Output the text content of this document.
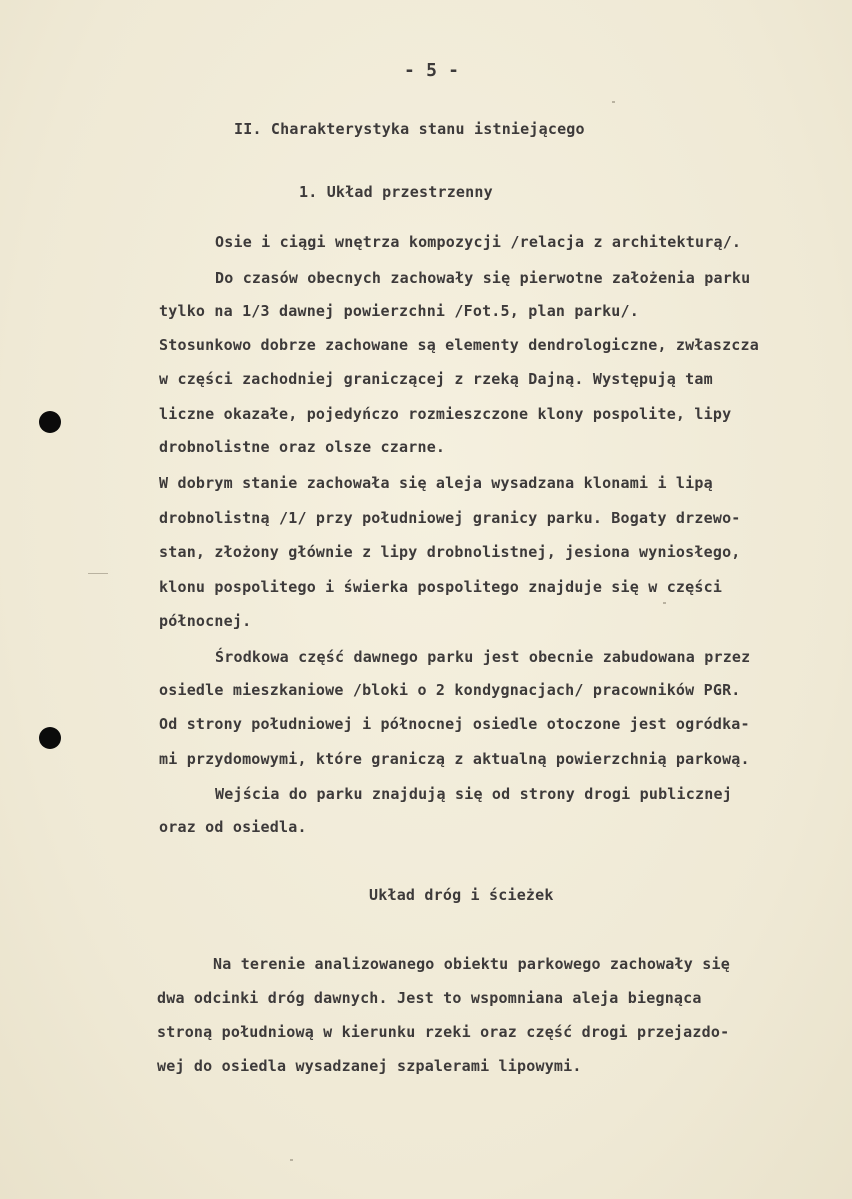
- 5 -
II. Charakterystyka stanu istniejącego
1. Układ przestrzenny
Osie i ciągi wnętrza kompozycji /relacja z architekturą/.
Do czasów obecnych zachowały się pierwotne założenia parku
tylko na 1/3 dawnej powierzchni /Fot.5, plan parku/.
Stosunkowo dobrze zachowane są elementy dendrologiczne, zwłaszcza
w części zachodniej graniczącej z rzeką Dajną. Występują tam
liczne okazałe, pojedyńczo rozmieszczone klony pospolite, lipy
drobnolistne oraz olsze czarne.
W dobrym stanie zachowała się aleja wysadzana klonami i lipą
drobnolistną /1/ przy południowej granicy parku. Bogaty drzewo-
stan, złożony głównie z lipy drobnolistnej, jesiona wyniosłego,
klonu pospolitego i świerka pospolitego znajduje się w części
północnej.
Środkowa część dawnego parku jest obecnie zabudowana przez
osiedle mieszkaniowe /bloki o 2 kondygnacjach/ pracowników PGR.
Od strony południowej i północnej osiedle otoczone jest ogródka-
mi przydomowymi, które graniczą z aktualną powierzchnią parkową.
Wejścia do parku znajdują się od strony drogi publicznej
oraz od osiedla.
Układ dróg i ścieżek
Na terenie analizowanego obiektu parkowego zachowały się
dwa odcinki dróg dawnych. Jest to wspomniana aleja biegnąca
stroną południową w kierunku rzeki oraz część drogi przejazdo-
wej do osiedla wysadzanej szpalerami lipowymi.
